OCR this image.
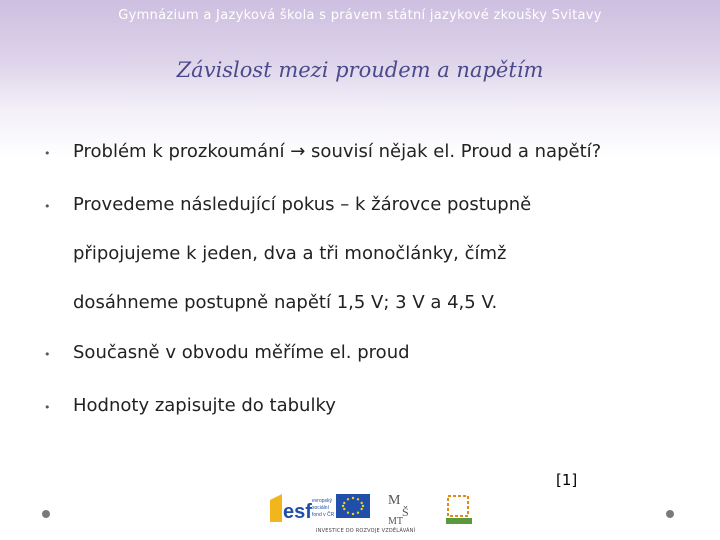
Gymnázium a Jazyková škola s právem státní jazykové zkoušky Svitavy
Závislost mezi proudem a napětím
• Problém k prozkoumání → souvisí nějak el. Proud a napětí?
• Provedeme následující pokus – k žárovce postupně
připojujeme k jeden, dva a tři monočlánky, čímž
dosáhneme postupně napětí 1,5 V; 3 V a 4,5 V.
• Současně v obvodu měříme el. proud
• Hodnoty zapisujte do tabulky
[1]
esf evropský
sociální
fond v ČR
M
Š
MT
INVESTICE DO ROZVOJE VZDĚLÁVÁNÍ
